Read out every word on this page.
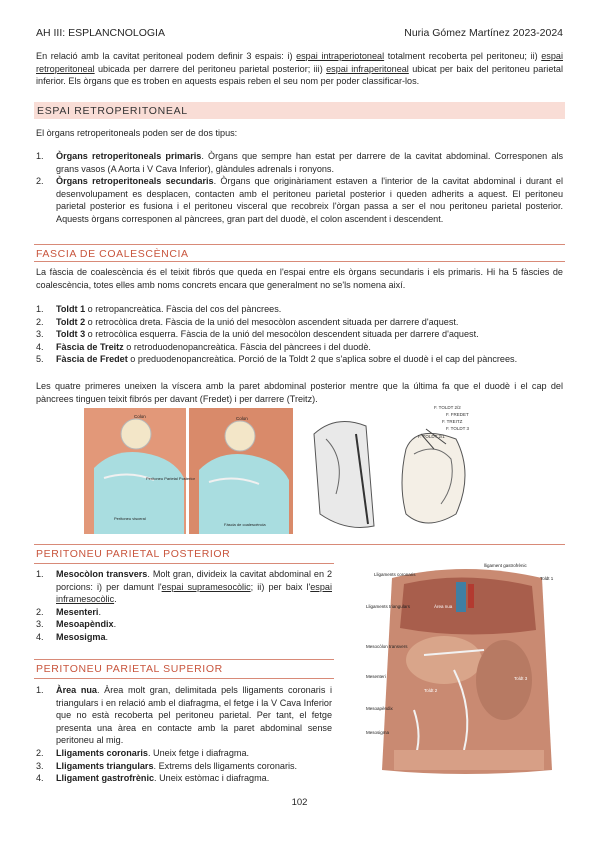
AH III: ESPLANCNOLOGIA	Nuria Gómez Martínez 2023-2024
En relació amb la cavitat peritoneal podem definir 3 espais: i) espai intraperiotoneal totalment recoberta pel peritoneu; ii) espai retroperitoneal ubicada per darrere del peritoneu parietal posterior; iii) espai infraperitoneal ubicat per baix del peritoneu parietal inferior. Els òrgans que es troben en aquests espais reben el seu nom per poder classificar-los.
ESPAI RETROPERITONEAL
El òrgans retroperitoneals poden ser de dos tipus:
1. Òrgans retroperitoneals primaris. Òrgans que sempre han estat per darrere de la cavitat abdominal. Corresponen als grans vasos (A Aorta i V Cava Inferior), glàndules adrenals i ronyons.
2. Òrgans retroperitoneals secundaris. Òrgans que originàriament estaven a l'interior de la cavitat abdominal i durant el desenvolupament es desplacen, contacten amb el peritoneu parietal posterior i queden adherits a aquest. El peritoneu parietal posterior es fusiona i el peritoneu visceral que recobreix l'òrgan passa a ser el nou peritoneu parietal posterior. Aquests òrgans corresponen al pàncrees, gran part del duodè, el colon ascendent i descendent.
FASCIA DE COALESCÈNCIA
La fàscia de coalescència és el teixit fibrós que queda en l'espai entre els òrgans secundaris i els primaris. Hi ha 5 fàscies de coalescència, totes elles amb noms concrets encara que generalment no se'ls nomena així.
1. Toldt 1 o retropancreàtica. Fàscia del cos del pàncrees.
2. Toldt 2 o retrocòlica dreta. Fàscia de la unió del mesocòlon ascendent situada per darrere d'aquest.
3. Toldt 3 o retrocòlica esquerra. Fàscia de la unió del mesocòlon descendent situada per darrere d'aquest.
4. Fàscia de Treitz o retroduodenopancreàtica. Fàscia del pàncrees i del duodè.
5. Fàscia de Fredet o preduodenopancreàtica. Porció de la Toldt 2 que s'aplica sobre el duodè i el cap del pàncrees.
Les quatre primeres uneixen la víscera amb la paret abdominal posterior mentre que la última fa que el duodè i el cap del pàncrees tinguen teixit fibrós per davant (Fredet) i per darrere (Treitz).
Colon
Peritoneu Parietal Posterior
Peritoneu visceral
Colon
Fàscia de coalescència
F. TOLDT 2/2
F. FREDET
F. TREITZ
F. TOLDT 3
F. TOLDT 2/1
PERITONEU PARIETAL POSTERIOR
1. Mesocòlon transvers. Molt gran, divideix la cavitat abdominal en 2 porcions: i) per damunt l'espai supramesocòlic; ii) per baix l'espai inframesocòlic.
2. Mesenteri.
3. Mesoapèndix.
4. Mesosigma.
PERITONEU PARIETAL SUPERIOR
1. Àrea nua. Àrea molt gran, delimitada pels lligaments coronaris i triangulars i en relació amb el diafragma, el fetge i la V Cava Inferior que no està recoberta pel peritoneu parietal. Per tant, el fetge presenta una àrea en contacte amb la paret abdominal sense peritoneu al mig.
2. Lligaments coronaris. Uneix fetge i diafragma.
3. Lligaments triangulars. Extrems dels lligaments coronaris.
4. Lligament gastrofrènic. Uneix estòmac i diafragma.
Lligaments coronaris
lligament gastrofrènic
Toldt 1
Àrea nua
Lligaments triangulars
Mesocòlon transvers
Mesenteri
Toldt 2
Toldt 3
Mesoapèndix
Mesosigma
102
